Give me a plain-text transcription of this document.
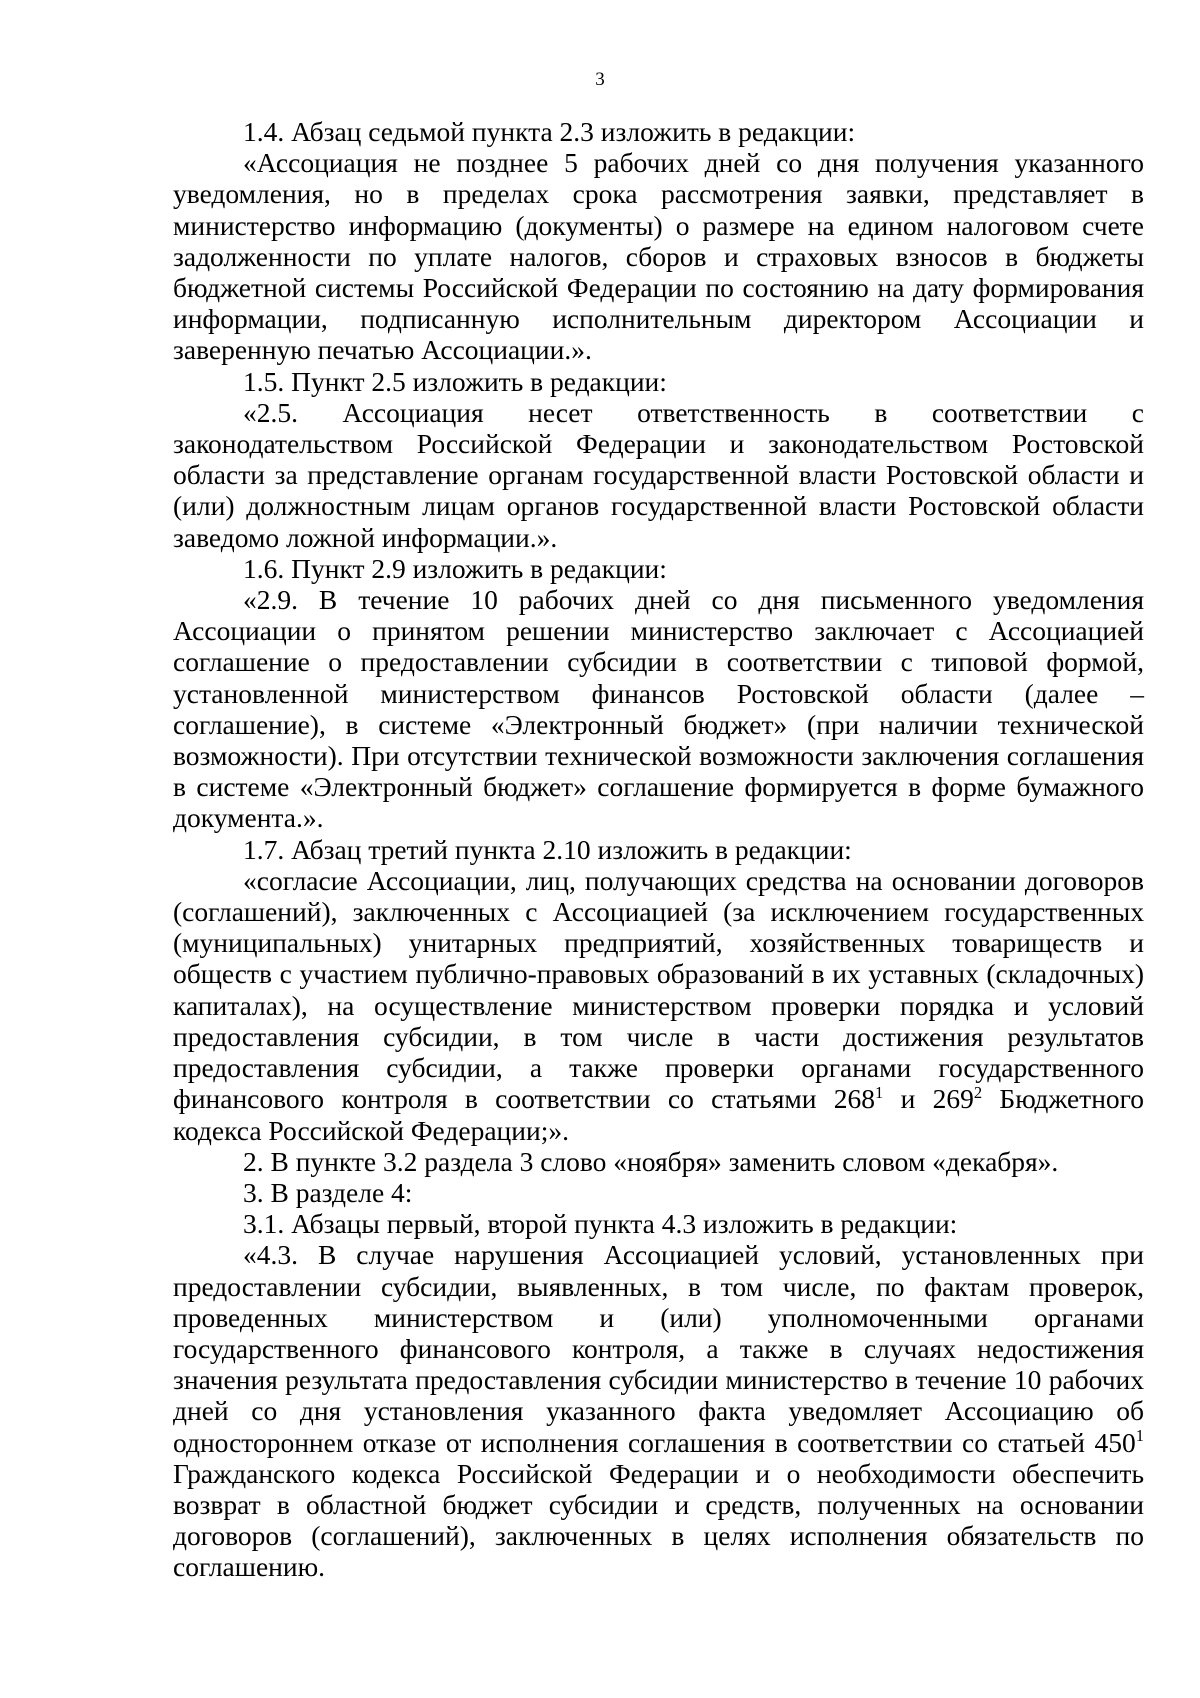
3

1.4. Абзац седьмой пункта 2.3 изложить в редакции:

«Ассоциация не позднее 5 рабочих дней со дня получения указанного уведомления, но в пределах срока рассмотрения заявки, представляет в министерство информацию (документы) о размере на едином налоговом счете задолженности по уплате налогов, сборов и страховых взносов в бюджеты бюджетной системы Российской Федерации по состоянию на дату формирования информации, подписанную исполнительным директором Ассоциации и заверенную печатью Ассоциации.».

1.5. Пункт 2.5 изложить в редакции:

«2.5. Ассоциация несет ответственность в соответствии с законодательством Российской Федерации и законодательством Ростовской области за представление органам государственной власти Ростовской области и (или) должностным лицам органов государственной власти Ростовской области заведомо ложной информации.».

1.6. Пункт 2.9 изложить в редакции:

«2.9. В течение 10 рабочих дней со дня письменного уведомления Ассоциации о принятом решении министерство заключает с Ассоциацией соглашение о предоставлении субсидии в соответствии с типовой формой, установленной министерством финансов Ростовской области (далее – соглашение), в системе «Электронный бюджет» (при наличии технической возможности). При отсутствии технической возможности заключения соглашения в системе «Электронный бюджет» соглашение формируется в форме бумажного документа.».

1.7. Абзац третий пункта 2.10 изложить в редакции:

«согласие Ассоциации, лиц, получающих средства на основании договоров (соглашений), заключенных с Ассоциацией (за исключением государственных (муниципальных) унитарных предприятий, хозяйственных товариществ и обществ с участием публично-правовых образований в их уставных (складочных) капиталах), на осуществление министерством проверки порядка и условий предоставления субсидии, в том числе в части достижения результатов предоставления субсидии, а также проверки органами государственного финансового контроля в соответствии со статьями $268^1$ и $269^2$ Бюджетного кодекса Российской Федерации;».

2. В пункте 3.2 раздела 3 слово «ноября» заменить словом «декабря».

3. В разделе 4:

3.1. Абзацы первый, второй пункта 4.3 изложить в редакции:

«4.3. В случае нарушения Ассоциацией условий, установленных при предоставлении субсидии, выявленных, в том числе, по фактам проверок, проведенных министерством и (или) уполномоченными органами государственного финансового контроля, а также в случаях недостижения значения результата предоставления субсидии министерство в течение 10 рабочих дней со дня установления указанного факта уведомляет Ассоциацию об одностороннем отказе от исполнения соглашения в соответствии со статьей $450^1$ Гражданского кодекса Российской Федерации и о необходимости обеспечить возврат в областной бюджет субсидии и средств, полученных на основании договоров (соглашений), заключенных в целях исполнения обязательств по соглашению.
